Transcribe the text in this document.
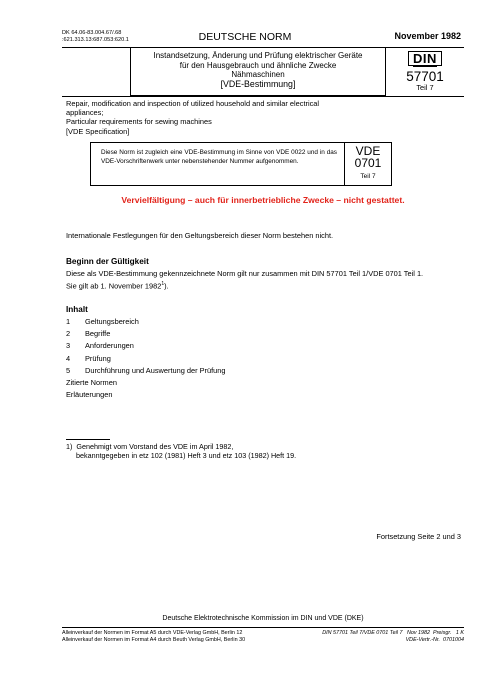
DK 64.06-83.004.67/.68
:621.313.13:687.053:620.1	DEUTSCHE NORM	November 1982
Instandsetzung, Änderung und Prüfung elektrischer Geräte
für den Hausgebrauch und ähnliche Zwecke
Nähmaschinen
[VDE-Bestimmung]
DIN
57701
Teil 7
Repair, modification and inspection of utilized household and similar electrical
appliances;
Particular requirements for sewing machines
[VDE Specification]
Diese Norm ist zugleich eine VDE-Bestimmung im Sinne von VDE 0022 und in das VDE-Vorschriftenwerk unter nebenstehender Nummer aufgenommen.
VDE
0701
Teil 7
Vervielfältigung – auch für innerbetriebliche Zwecke – nicht gestattet.
Internationale Festlegungen für den Geltungsbereich dieser Norm bestehen nicht.
Beginn der Gültigkeit
Diese als VDE-Bestimmung gekennzeichnete Norm gilt nur zusammen mit DIN 57701 Teil 1/VDE 0701 Teil 1.
Sie gilt ab 1. November 1982$^1$).
Inhalt
1 Geltungsbereich
2 Begriffe
3 Anforderungen
4 Prüfung
5 Durchführung und Auswertung der Prüfung
Zitierte Normen
Erläuterungen
1)  Genehmigt vom Vorstand des VDE im April 1982,
bekanntgegeben in etz 102 (1981) Heft 3 und etz 103 (1982) Heft 19.
Fortsetzung Seite 2 und 3
Deutsche Elektrotechnische Kommission im DIN und VDE (DKE)
Alleinverkauf der Normen im Format A5 durch VDE-Verlag GmbH, Berlin 12
Alleinverkauf der Normen im Format A4 durch Beuth Verlag GmbH, Berlin 30
DIN 57701 Teil 7/VDE 0701 Teil 7   Nov 1982  Preisgr.   1 K
VDE-Vertr.-Nr.  0701004
